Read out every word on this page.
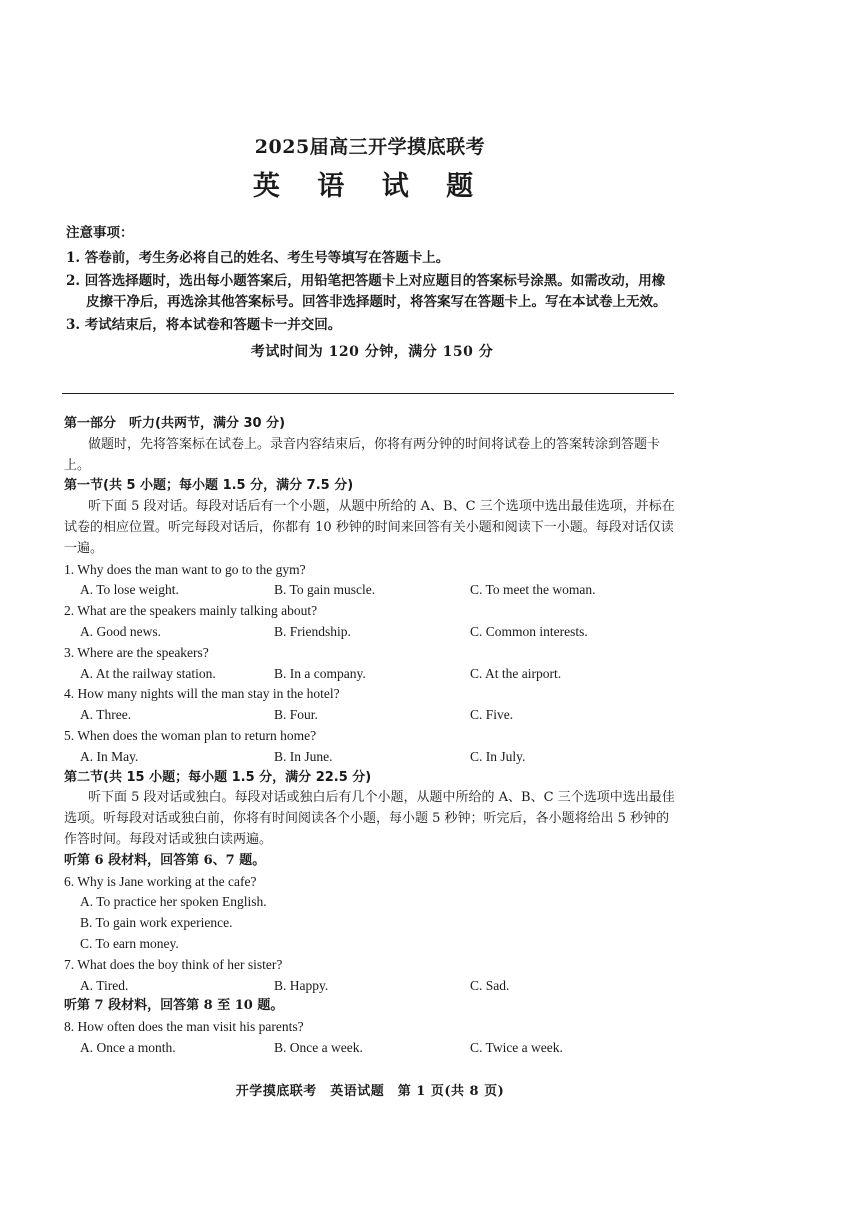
2025届高三开学摸底联考
英 语 试 题
注意事项：
1. 答卷前，考生务必将自己的姓名、考生号等填写在答题卡上。
2. 回答选择题时，选出每小题答案后，用铅笔把答题卡上对应题目的答案标号涂黑。如需改动，用橡皮擦干净后，再选涂其他答案标号。回答非选择题时，将答案写在答题卡上。写在本试卷上无效。
3. 考试结束后，将本试卷和答题卡一并交回。
考试时间为 120 分钟，满分 150 分
第一部分　听力(共两节，满分 30 分)
做题时，先将答案标在试卷上。录音内容结束后，你将有两分钟的时间将试卷上的答案转涂到答题卡上。
第一节(共 5 小题；每小题 1.5 分，满分 7.5 分)
听下面 5 段对话。每段对话后有一个小题，从题中所给的 A、B、C 三个选项中选出最佳选项，并标在试卷的相应位置。听完每段对话后，你都有 10 秒钟的时间来回答有关小题和阅读下一小题。每段对话仅读一遍。
1. Why does the man want to go to the gym?
A. To lose weight.	B. To gain muscle.	C. To meet the woman.
2. What are the speakers mainly talking about?
A. Good news.	B. Friendship.	C. Common interests.
3. Where are the speakers?
A. At the railway station.	B. In a company.	C. At the airport.
4. How many nights will the man stay in the hotel?
A. Three.	B. Four.	C. Five.
5. When does the woman plan to return home?
A. In May.	B. In June.	C. In July.
第二节(共 15 小题；每小题 1.5 分，满分 22.5 分)
听下面 5 段对话或独白。每段对话或独白后有几个小题，从题中所给的 A、B、C 三个选项中选出最佳选项。听每段对话或独白前，你将有时间阅读各个小题，每小题 5 秒钟；听完后，各小题将给出 5 秒钟的作答时间。每段对话或独白读两遍。
听第 6 段材料，回答第 6、7 题。
6. Why is Jane working at the cafe?
A. To practice her spoken English.
B. To gain work experience.
C. To earn money.
7. What does the boy think of her sister?
A. Tired.	B. Happy.	C. Sad.
听第 7 段材料，回答第 8 至 10 题。
8. How often does the man visit his parents?
A. Once a month.	B. Once a week.	C. Twice a week.
开学摸底联考　英语试题　第 1 页(共 8 页)
